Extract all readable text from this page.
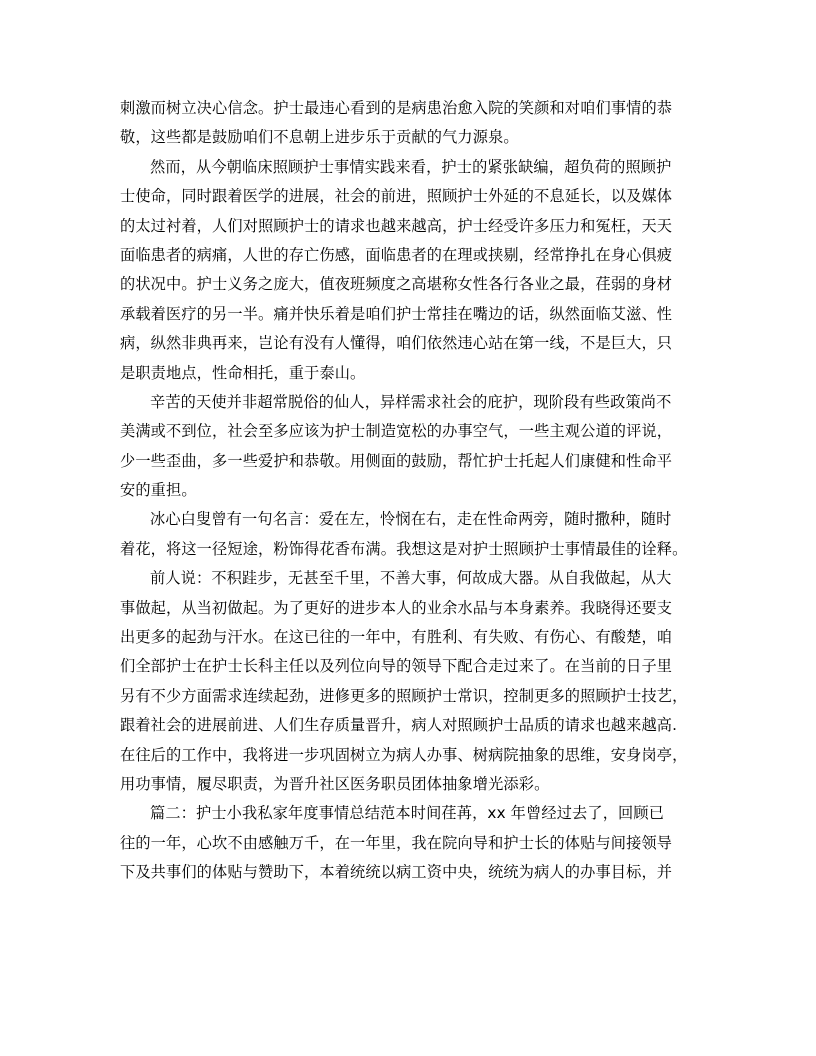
刺激而树立决心信念。护士最违心看到的是病患治愈入院的笑颜和对咱们事情的恭
敬，这些都是鼓励咱们不息朝上进步乐于贡献的气力源泉。
然而，从今朝临床照顾护士事情实践来看，护士的紧张缺编，超负荷的照顾护
士使命，同时跟着医学的进展，社会的前进，照顾护士外延的不息延长，以及媒体
的太过衬着，人们对照顾护士的请求也越来越高，护士经受许多压力和冤枉，天天
面临患者的病痛，人世的存亡伤感，面临患者的在理或挟剔，经常挣扎在身心俱疲
的状况中。护士义务之庞大，值夜班频度之高堪称女性各行各业之最，荏弱的身材
承载着医疗的另一半。痛并快乐着是咱们护士常挂在嘴边的话，纵然面临艾滋、性
病，纵然非典再来，岂论有没有人懂得，咱们依然违心站在第一线，不是巨大，只
是职责地点，性命相托，重于泰山。
辛苦的天使并非超常脱俗的仙人，异样需求社会的庇护，现阶段有些政策尚不
美满或不到位，社会至多应该为护士制造宽松的办事空气，一些主观公道的评说，
少一些歪曲，多一些爱护和恭敬。用侧面的鼓励，帮忙护士托起人们康健和性命平
安的重担。
冰心白叟曾有一句名言：爱在左，怜悯在右，走在性命两旁，随时撒种，随时
着花，将这一径短途，粉饰得花香布满。我想这是对护士照顾护士事情最佳的诠释。
前人说：不积跬步，无甚至千里，不善大事，何故成大器。从自我做起，从大
事做起，从当初做起。为了更好的进步本人的业余水品与本身素养。我晓得还要支
出更多的起劲与汗水。在这已往的一年中，有胜利、有失败、有伤心、有酸楚，咱
们全部护士在护士长科主任以及列位向导的领导下配合走过来了。在当前的日子里
另有不少方面需求连续起劲，进修更多的照顾护士常识，控制更多的照顾护士技艺，
跟着社会的进展前进、人们生存质量晋升，病人对照顾护士品质的请求也越来越高.
在往后的工作中，我将进一步巩固树立为病人办事、树病院抽象的思维，安身岗亭，
用功事情，履尽职责，为晋升社区医务职员团体抽象增光添彩。
篇二：护士小我私家年度事情总结范本时间荏苒，xx 年曾经过去了，回顾已
往的一年，心坎不由感触万千，在一年里，我在院向导和护士长的体贴与间接领导
下及共事们的体贴与赞助下，本着统统以病工资中央，统统为病人的办事目标，并
